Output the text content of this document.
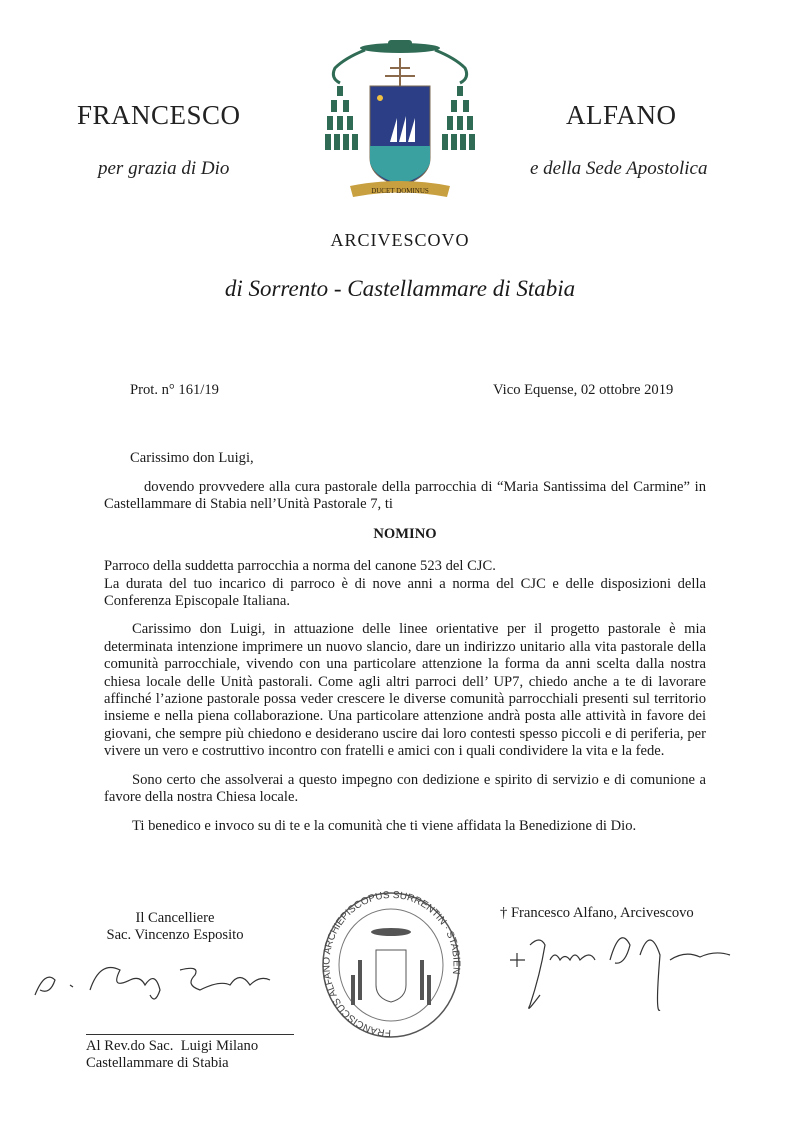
FRANCESCO	ALFANO
per grazia di Dio	e della Sede Apostolica
DUCET DOMINUS
ARCIVESCOVO
di Sorrento - Castellammare di Stabia
Prot. n° 161/19	Vico Equense, 02 ottobre 2019
Carissimo don Luigi,

dovendo provvedere alla cura pastorale della parrocchia di “Maria Santissima del Carmine” in Castellammare di Stabia nell’Unità Pastorale 7, ti

NOMINO

Parroco della suddetta parrocchia a norma del canone 523 del CJC.

La durata del tuo incarico di parroco è di nove anni a norma del CJC e delle disposizioni della Conferenza Episcopale Italiana.

Carissimo don Luigi, in attuazione delle linee orientative per il progetto pastorale è mia determinata intenzione imprimere un nuovo slancio, dare un indirizzo unitario alla vita pastorale della comunità parrocchiale, vivendo con una particolare attenzione la forma da anni scelta dalla nostra chiesa locale delle Unità pastorali. Come agli altri parroci dell’ UP7, chiedo anche a te di lavorare affinché l’azione pastorale possa veder crescere le diverse comunità parrocchiali presenti sul territorio insieme e nella piena collaborazione. Una particolare attenzione andrà posta alle attività in favore dei giovani, che sempre più chiedono e desiderano uscire dai loro contesti spesso piccoli e di periferia, per vivere un vero e costruttivo incontro con fratelli e amici con i quali condividere la vita e la fede.

Sono certo che assolverai a questo impegno con dedizione e spirito di servizio e di comunione a favore della nostra Chiesa locale.

Ti benedico e invoco su di te e la comunità che ti viene affidata la Benedizione di Dio.

Il Cancelliere
Sac. Vincenzo Esposito
FRANCISCUS ALFANO ARCHIEPISCOPUS SURRENTIN · STABIEN
† Francesco Alfano, Arcivescovo
Al Rev.do Sac.  Luigi Milano
Castellammare di Stabia
